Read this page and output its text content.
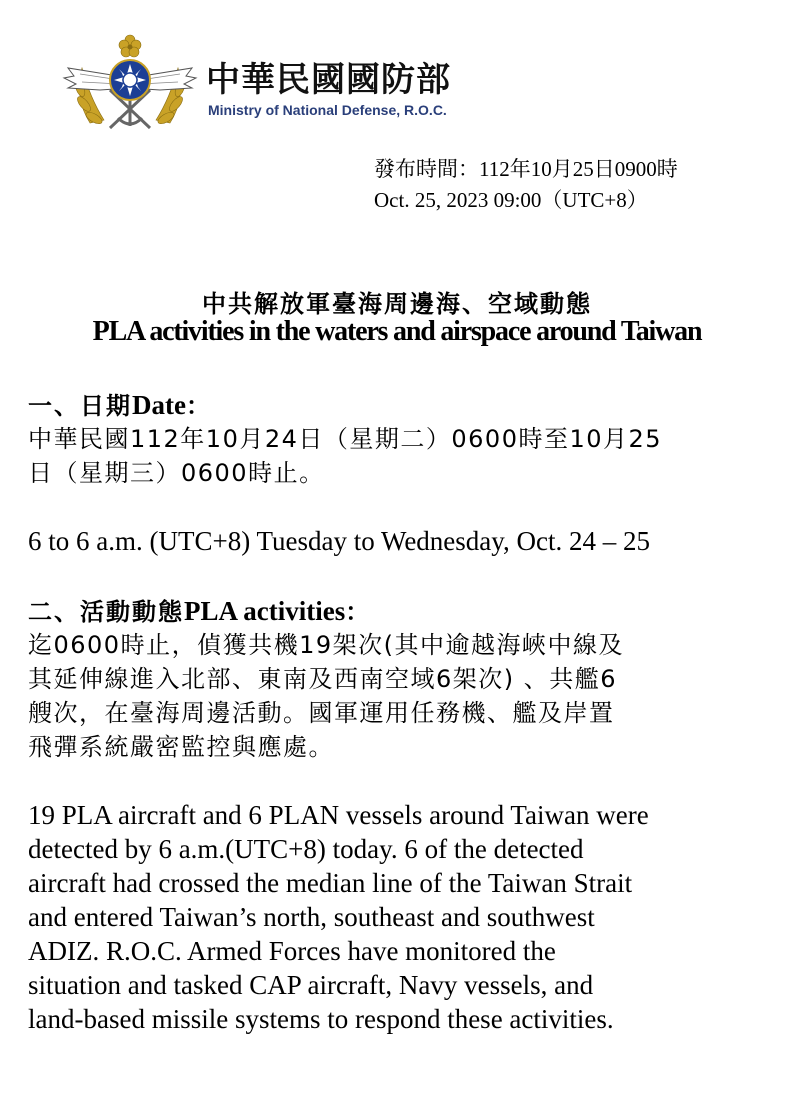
中華民國國防部
Ministry of National Defense, R.O.C.
發布時間：112年10月25日0900時
Oct. 25, 2023 09:00（UTC+8）
中共解放軍臺海周邊海、空域動態
PLA activities in the waters and airspace around Taiwan
一、日期Date：
中華民國112年10月24日（星期二）0600時至10月25
日（星期三）0600時止。
6 to 6 a.m. (UTC+8) Tuesday to Wednesday, Oct. 24 – 25
二、活動動態PLA activities：
迄0600時止，偵獲共機19架次(其中逾越海峽中線及
其延伸線進入北部、東南及西南空域6架次) 、共艦6
艘次，在臺海周邊活動。國軍運用任務機、艦及岸置
飛彈系統嚴密監控與應處。
19 PLA aircraft and 6 PLAN vessels around Taiwan were
detected by 6 a.m.(UTC+8) today. 6 of the detected
aircraft had crossed the median line of the Taiwan Strait
and entered Taiwan’s north, southeast and southwest
ADIZ. R.O.C. Armed Forces have monitored the
situation and tasked CAP aircraft, Navy vessels, and
land-based missile systems to respond these activities.
